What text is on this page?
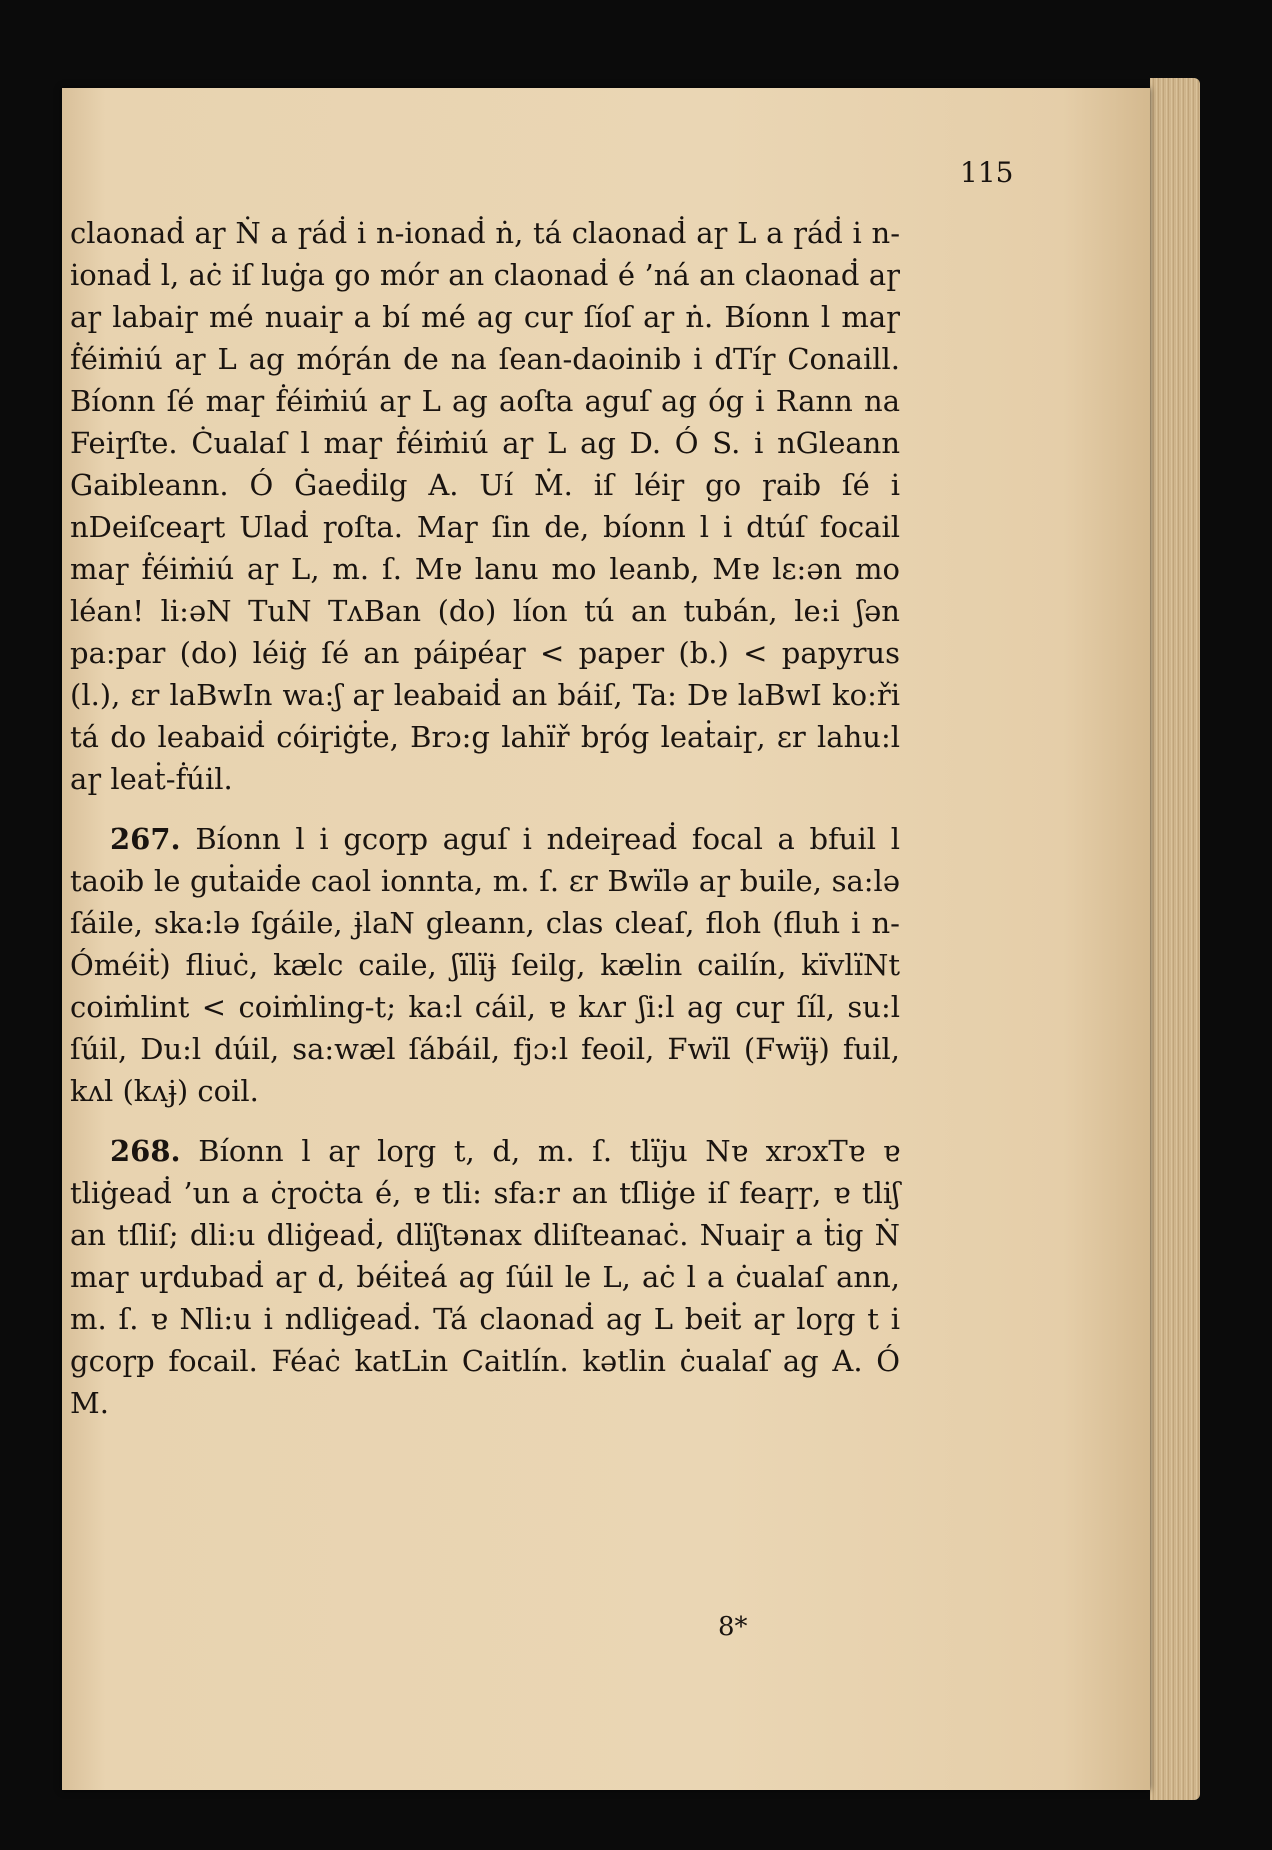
115

claonaḋ aɼ Ṅ a ɼáḋ i n-ionaḋ ṅ, tá claonaḋ aɼ L a ɼáḋ i n-ionaḋ l, aċ iſ luġa go mór an claonaḋ é ’ná an claonaḋ aɼ aɼ labaiɼ mé nuaiɼ a bí mé ag cuɼ ſíoſ aɼ ṅ. Bíonn l maɼ ḟéiṁiú aɼ L ag móɼán de na ſean-daoinib i dTíɼ Conaill. Bíonn ſé maɼ ḟéiṁiú aɼ L ag aoſta aguſ ag óg i Rann na Feiɼſte. Ċualaſ l maɼ ḟéiṁiú aɼ L ag D. Ó S. i nGleann Gaibleann. Ó Ġaeḋilg A. Uí Ṁ. iſ léiɼ go ɼaib ſé i nDeiſceaɼt Ulaḋ ɼoſta. Maɼ ſin de, bíonn l i dtúſ focail maɼ ḟéiṁiú aɼ L, m. ſ. Mɐ lanu mo leanb, Mɐ lɛ:ən mo léan! li:əN TuN TʌBan (do) líon tú an tubán, le:i ʃən pa:par (do) léiġ ſé an páipéaɼ < paper (b.) < papyrus (l.), ɛr laBwIn wa:ʃ aɼ leabaiḋ an báiſ, Ta: Dɐ laBwI ko:ři tá do leabaiḋ cóiɼiġṫe, Brɔ:g lahïř bɼóg leaṫaiɼ, ɛr lahu:l aɼ leaṫ-ḟúil.

267. Bíonn l i gcoɼp aguſ i ndeiɼeaḋ focal a bfuil l taoib le guṫaiḋe caol ionnta, m. ſ. ɛr Bwïlə aɼ buile, sa:lə ſáile, ska:lə ſgáile, ɉlaN gleann, clas cleaſ, floh (fluh i n-Óméiṫ) fliuċ, kælc caile, ʃïlïɉ ſeilg, kælin cailín, kïvlïNt coiṁlint < coiṁling-t; ka:l cáil, ɐ kʌr ʃi:l ag cuɼ ſíl, su:l ſúil, Du:l dúil, sa:wæl ſábáil, fjɔ:l feoil, Fwïl (Fwïɉ) fuil, kʌl (kʌɉ) coil.

268. Bíonn l aɼ loɼg t, d, m. ſ. tlïju Nɐ xrɔxTɐ ɐ tliġeaḋ ’un a ċɼoċta é, ɐ tli: sfa:r an tſliġe iſ feaɼɼ, ɐ tliʃ an tſliſ; dli:u dliġeaḋ, dlïʃtənax dliſteanaċ. Nuaiɼ a ṫig Ṅ maɼ uɼdubaḋ aɼ d, béiṫeá ag ſúil le L, aċ l a ċualaſ ann, m. ſ. ɐ Nli:u i ndliġeaḋ. Tá claonaḋ ag L beiṫ aɼ loɼg t i gcoɼp focail. Féaċ katLin Caitlín. kətlin ċualaſ ag A. Ó M.

8*
